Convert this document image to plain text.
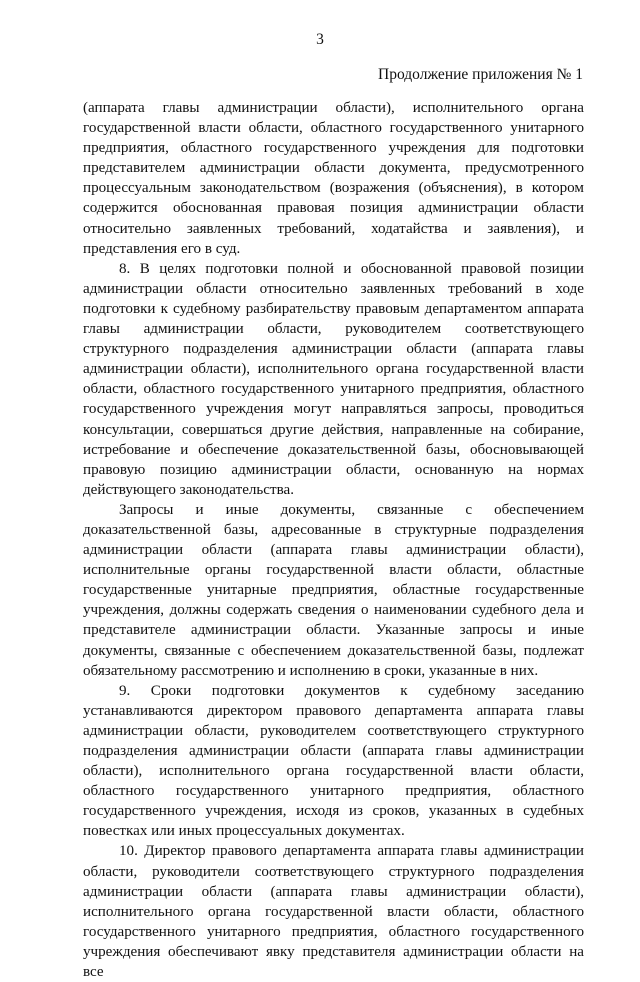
3
Продолжение приложения № 1

(аппарата главы администрации области), исполнительного органа государственной власти области, областного государственного унитарного предприятия, областного государственного учреждения для подготовки представителем администрации области документа, предусмотренного процессуальным законодательством (возражения (объяснения), в котором содержится обоснованная правовая позиция администрации области относительно заявленных требований, ходатайства и заявления), и представления его в суд.

8. В целях подготовки полной и обоснованной правовой позиции администрации области относительно заявленных требований в ходе подготовки к судебному разбирательству правовым департаментом аппарата главы администрации области, руководителем соответствующего структурного подразделения администрации области (аппарата главы администрации области), исполнительного органа государственной власти области, областного государственного унитарного предприятия, областного государственного учреждения могут направляться запросы, проводиться консультации, совершаться другие действия, направленные на собирание, истребование и обеспечение доказательственной базы, обосновывающей правовую позицию администрации области, основанную на нормах действующего законодательства.

Запросы и иные документы, связанные с обеспечением доказательственной базы, адресованные в структурные подразделения администрации области (аппарата главы администрации области), исполнительные органы государственной власти области, областные государственные унитарные предприятия, областные государственные учреждения, должны содержать сведения о наименовании судебного дела и представителе администрации области. Указанные запросы и иные документы, связанные с обеспечением доказательственной базы, подлежат обязательному рассмотрению и исполнению в сроки, указанные в них.

9. Сроки подготовки документов к судебному заседанию устанавливаются директором правового департамента аппарата главы администрации области, руководителем соответствующего структурного подразделения администрации области (аппарата главы администрации области), исполнительного органа государственной власти области, областного государственного унитарного предприятия, областного государственного учреждения, исходя из сроков, указанных в судебных повестках или иных процессуальных документах.

10. Директор правового департамента аппарата главы администрации области, руководители соответствующего структурного подразделения администрации области (аппарата главы администрации области), исполнительного органа государственной власти области, областного государственного унитарного предприятия, областного государственного учреждения обеспечивают явку представителя администрации области на все
